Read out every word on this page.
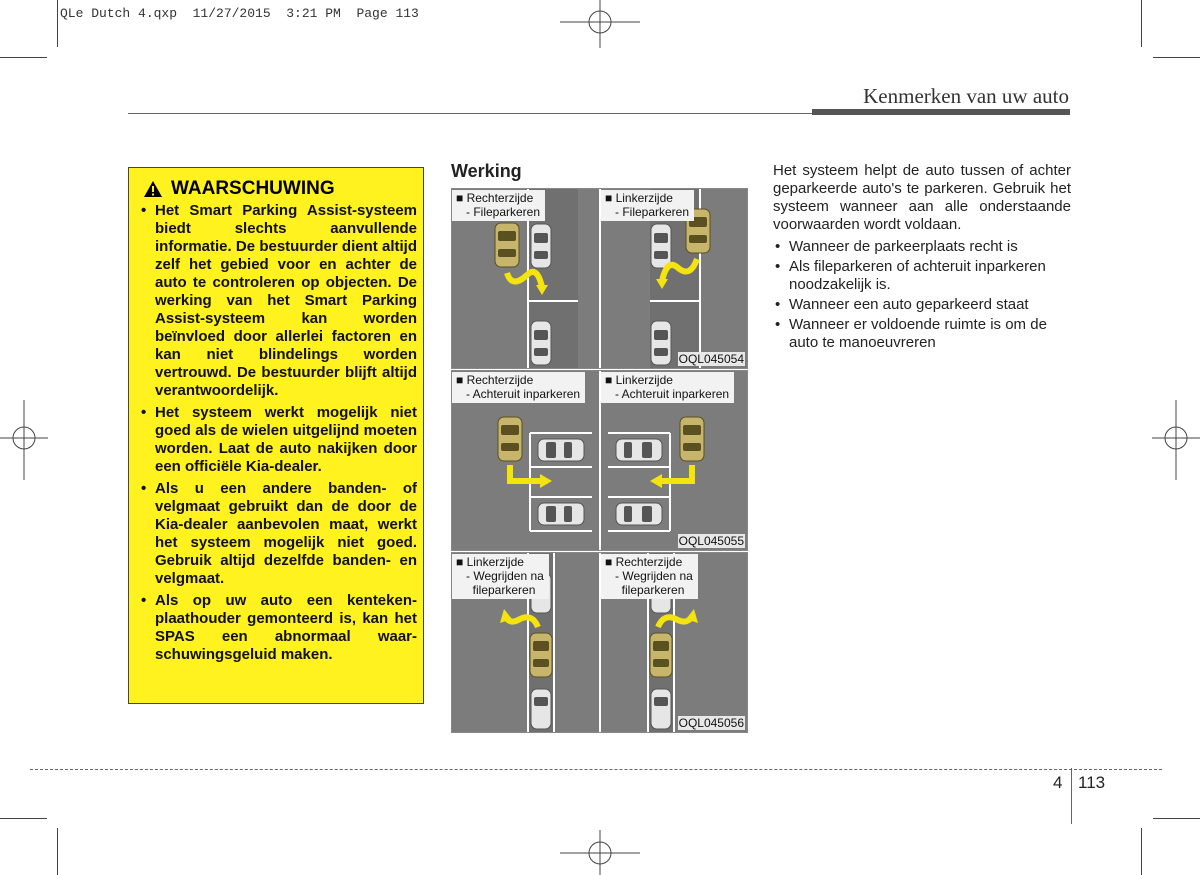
QLe Dutch 4.qxp  11/27/2015  3:21 PM  Page 113
Kenmerken van uw auto
WAARSCHUWING
• Het Smart Parking Assist-systeem biedt slechts aanvullende informatie. De bestuurder dient altijd zelf het gebied voor en achter de auto te controleren op objecten. De werking van het Smart Parking Assist-systeem kan worden beïnvloed door allerlei factoren en kan niet blindelings worden vertrouwd. De bestuurder blijft altijd verantwoordelijk.
• Het systeem werkt mogelijk niet goed als de wielen uitgelijnd moeten worden. Laat de auto nakijken door een officiële Kia-dealer.
• Als u een andere banden- of velgmaat gebruikt dan de door de Kia-dealer aanbevolen maat, werkt het systeem mogelijk niet goed. Gebruik altijd dezelfde banden- en velgmaat.
• Als op uw auto een kenteken-plaathouder gemonteerd is, kan het SPAS een abnormaal waar-schuwingsgeluid maken.
Werking
■ Rechterzijde
- Fileparkeren
■ Linkerzijde
- Fileparkeren
OQL045054
■ Rechterzijde
- Achteruit inparkeren
■ Linkerzijde
- Achteruit inparkeren
OQL045055
■ Linkerzijde
- Wegrijden na
fileparkeren
■ Rechterzijde
- Wegrijden na
fileparkeren
OQL045056

Het systeem helpt de auto tussen of achter geparkeerde auto's te parkeren. Gebruik het systeem wanneer aan alle onderstaande voorwaarden wordt voldaan.

• Wanneer de parkeerplaats recht is
• Als fileparkeren of achteruit inparkeren noodzakelijk is.
• Wanneer een auto geparkeerd staat
• Wanneer er voldoende ruimte is om de auto te manoeuvreren
4 113
